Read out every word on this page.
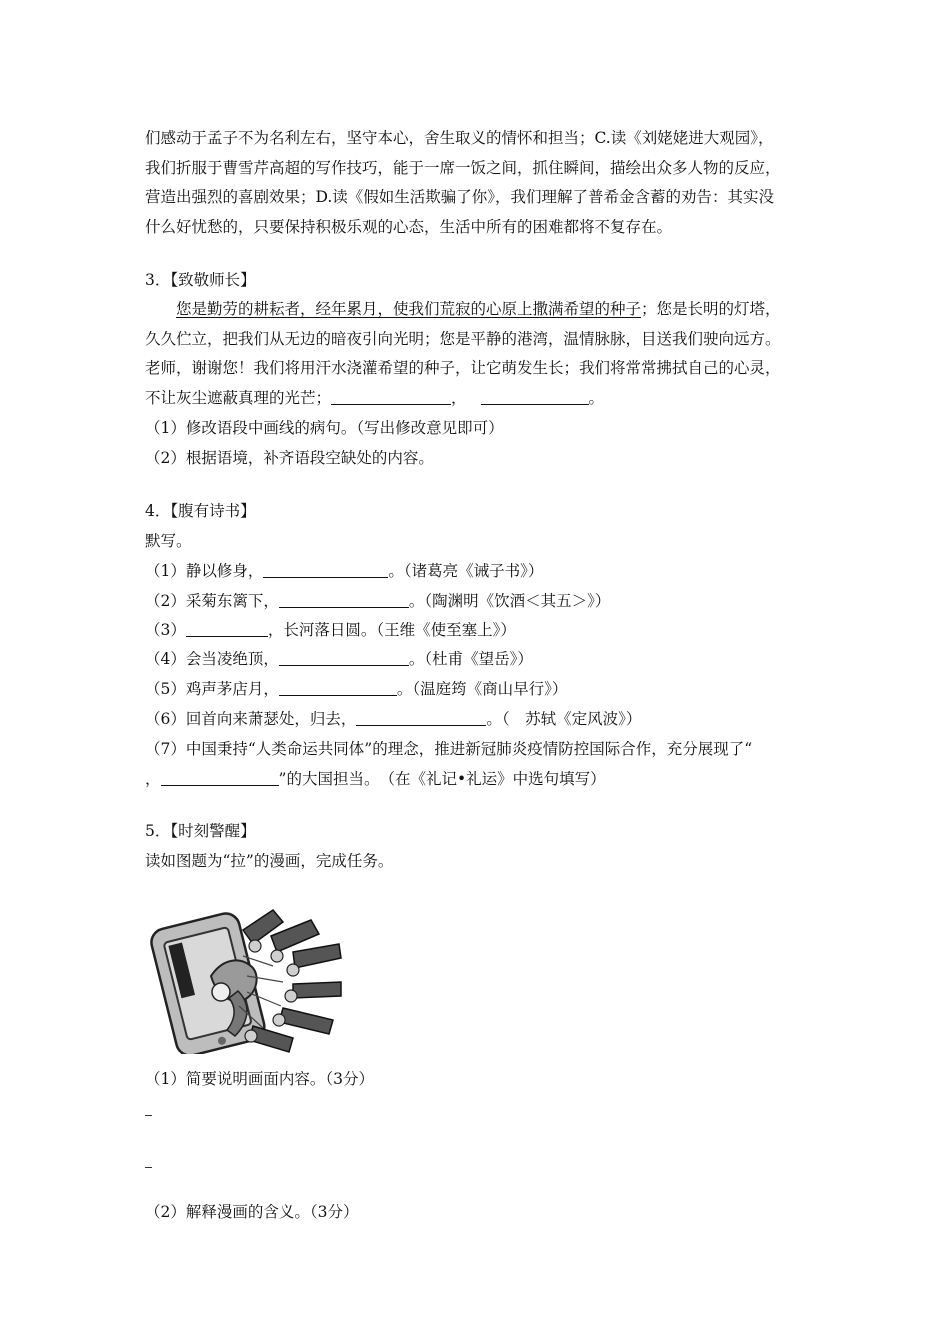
们感动于孟子不为名利左右，坚守本心，舍生取义的情怀和担当；C.读《刘姥姥进大观园》，
我们折服于曹雪芹高超的写作技巧，能于一席一饭之间，抓住瞬间，描绘出众多人物的反应，
营造出强烈的喜剧效果；D.读《假如生活欺骗了你》，我们理解了普希金含蓄的劝告：其实没
什么好忧愁的，只要保持积极乐观的心态，生活中所有的困难都将不复存在。
3．【致敬师长】
您是勤劳的耕耘者，经年累月，使我们荒寂的心原上撒满希望的种子；您是长明的灯塔，
久久伫立，把我们从无边的暗夜引向光明；您是平静的港湾，温情脉脉，目送我们驶向远方。
老师，谢谢您！我们将用汗水浇灌希望的种子，让它萌发生长；我们将常常拂拭自己的心灵，
不让灰尘遮蔽真理的光芒；	，	。
（1）修改语段中画线的病句。（写出修改意见即可）
（2）根据语境，补齐语段空缺处的内容。
4．【腹有诗书】
默写。
（1）静以修身，	。（诸葛亮《诫子书》）
（2）采菊东篱下，	。（陶渊明《饮酒＜其五＞》）
（3）	，长河落日圆。（王维《使至塞上》）
（4）会当凌绝顶，	。（杜甫《望岳》）
（5）鸡声茅店月，	。（温庭筠《商山早行》）
（6）回首向来萧瑟处，归去，	。（　苏轼《定风波》）
（7）中国秉持“人类命运共同体”的理念，推进新冠肺炎疫情防控国际合作，充分展现了“
，	”的大国担当。　（在《礼记•礼运》中选句填写）
5．【时刻警醒】
读如图题为“拉”的漫画，完成任务。
（1）简要说明画面内容。（3分）
（2）解释漫画的含义。（3分）
